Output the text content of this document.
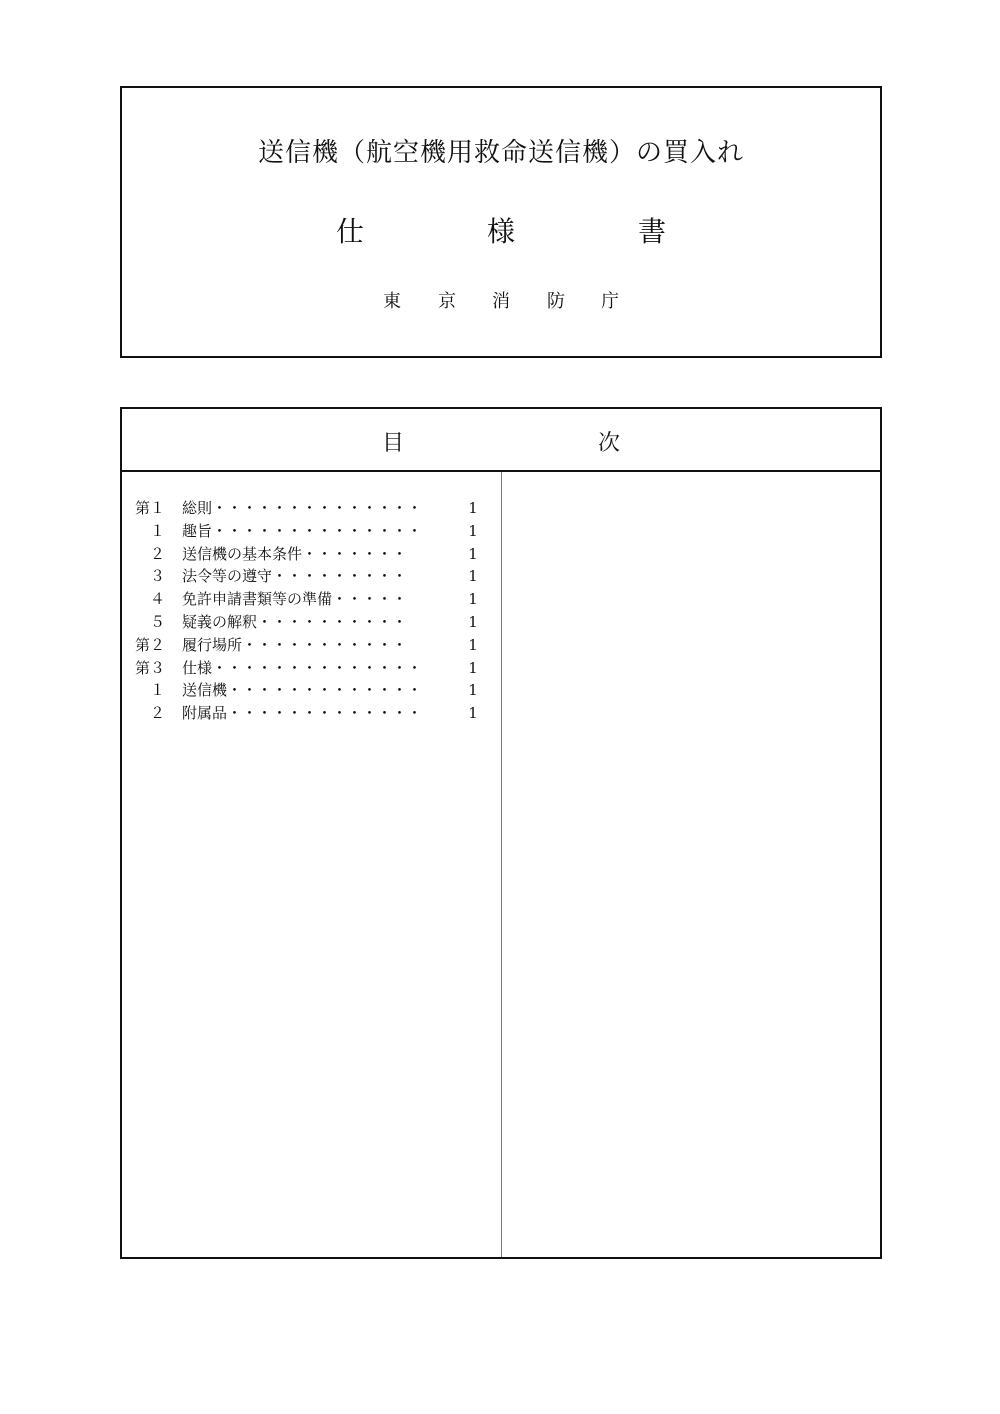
送信機（航空機用救命送信機）の買入れ
仕	様	書
東 京 消 防 庁
目	次
第１ 総則・・・・・・・・・・・・・・	1
１ 趣旨・・・・・・・・・・・・・・	1
２ 送信機の基本条件・・・・・・・	1
３ 法令等の遵守・・・・・・・・・	1
４ 免許申請書類等の準備・・・・・	1
５ 疑義の解釈・・・・・・・・・・	1
第２ 履行場所・・・・・・・・・・・	1
第３ 仕様・・・・・・・・・・・・・・	1
１ 送信機・・・・・・・・・・・・・	1
２ 附属品・・・・・・・・・・・・・	1
